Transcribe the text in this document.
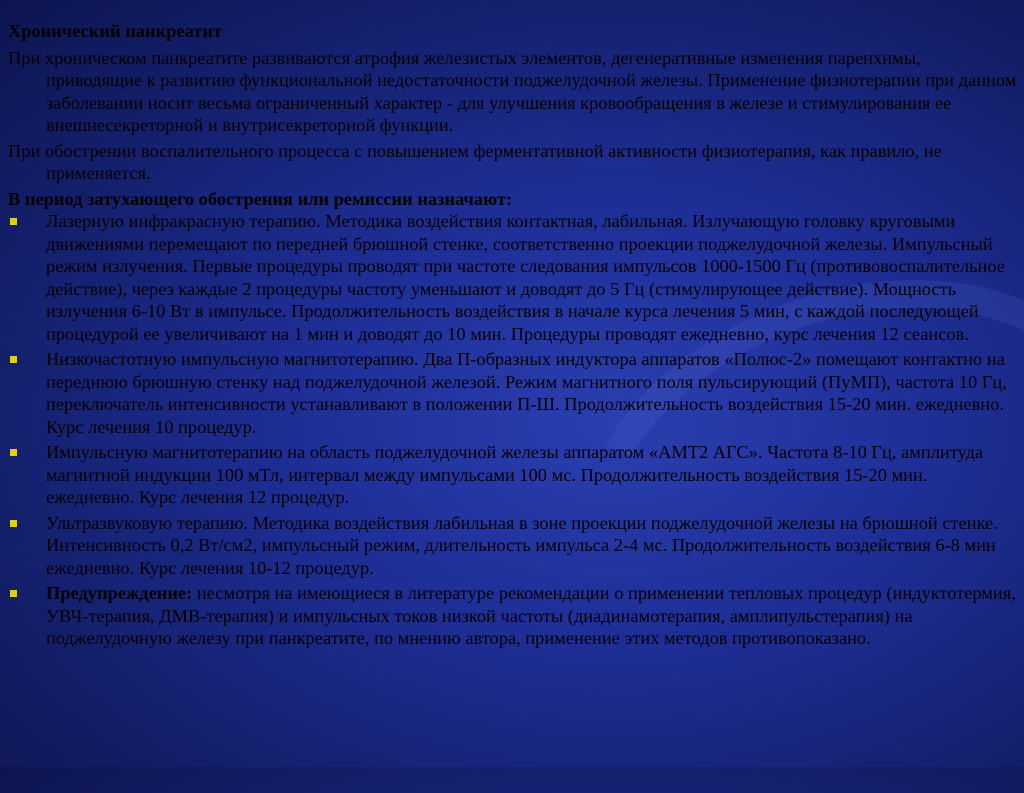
Хронический панкреатит

При хроническом панкреатите развиваются атрофия железистых элементов, дегенеративные изменения паренхимы, приводящие к развитию функциональной недостаточности поджелудочной железы. Применение физиотерапии при данном заболевании носит весьма ограниченный характер - для улучшения кровообращения в железе и стимулирования ее внешнесекреторной и внутрисекреторной функции.

При обострении воспалительного процесса с повышением ферментативной активности физиотерапия, как правило, не применяется.

В период затухающего обострения или ремиссии назначают:

Лазерную инфракрасную терапию. Методика воздействия контактная, лабильная. Излучающую головку круговыми движениями перемещают по передней брюшной стенке, соответственно проекции поджелудочной железы. Импульсный режим излучения. Первые процедуры проводят при частоте следования импульсов 1000-1500 Гц (противовоспалительное действие), через каждые 2 процедуры частоту уменьшают и доводят до 5 Гц (стимулирующее действие). Мощность излучения 6-10 Вт в импульсе. Продолжительность воздействия в начале курса лечения 5 мин, с каждой последующей процедурой ее увеличивают на 1 мин и доводят до 10 мин. Процедуры проводят ежедневно, курс лечения 12 сеансов.
Низкочастотную импульсную магнитотерапию. Два П-образных индуктора аппаратов «Полюс-2» помещают контактно на переднюю брюшную стенку над поджелудочной железой. Режим магнитного поля пульсирующий (ПуМП), частота 10 Гц, переключатель интенсивности устанавливают в положении П-Ш. Продолжительность воздействия 15-20 мин. ежедневно. Курс лечения 10 процедур.
Импульсную магнитотерапию на область поджелудочной железы аппаратом «АМТ2 АГС». Частота 8-10 Гц, амплитуда магнитной индукции 100 мТл, интервал между импульсами 100 мс. Продолжительность воздействия 15-20 мин. ежедневно. Курс лечения 12 процедур.
Ультразвуковую терапию. Методика воздействия лабильная в зоне проекции поджелудочной железы на брюшной стенке. Интенсивность 0,2 Вт/см2, импульсный режим, длительность импульса 2-4 мс. Продолжительность воздействия 6-8 мин ежедневно. Курс лечения 10-12 процедур.
Предупреждение: несмотря на имеющиеся в литературе рекомендации о применении тепловых процедур (индуктотермия, УВЧ-терапия, ДМВ-терапия) и импульсных токов низкой частоты (диадинамотерапия, амплипульстерапия) на поджелудочную железу при панкреатите, по мнению автора, применение этих методов противопоказано.
